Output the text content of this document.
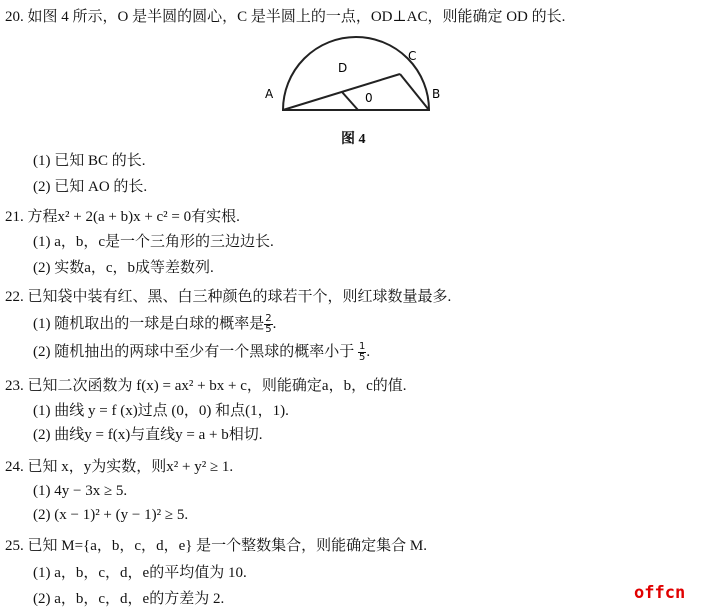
20. 如图 4 所示，O 是半圆的圆心，C 是半圆上的一点，OD⊥AC，则能确定 OD 的长.
A
D
C
0	B
图 4
(1) 已知 BC 的长.
(2) 已知 AO 的长.
21. 方程x² + 2(a + b)x + c² = 0有实根.
(1) a，b，c是一个三角形的三边边长.
(2) 实数a，c，b成等差数列.
22. 已知袋中装有红、黑、白三种颜色的球若干个，则红球数量最多.
(1) 随机取出的一球是白球的概率是 $\frac{2}{5}$ .
(2) 随机抽出的两球中至少有一个黑球的概率小于 $\frac{1}{5}$ .
23. 已知二次函数为 f(x) = ax² + bx + c，则能确定a，b，c的值.
(1) 曲线 y = f (x)过点 (0，0) 和点(1，1).
(2) 曲线y = f(x)与直线y = a + b相切.
24. 已知 x，y为实数，则x² + y² ≥ 1.
(1) 4y − 3x ≥ 5.
(2) (x − 1)² + (y − 1)² ≥ 5.
25. 已知 M={a，b，c，d，e} 是一个整数集合，则能确定集合 M.
(1) a，b，c，d，e的平均值为 10.
(2) a，b，c，d，e的方差为 2.	offcn
